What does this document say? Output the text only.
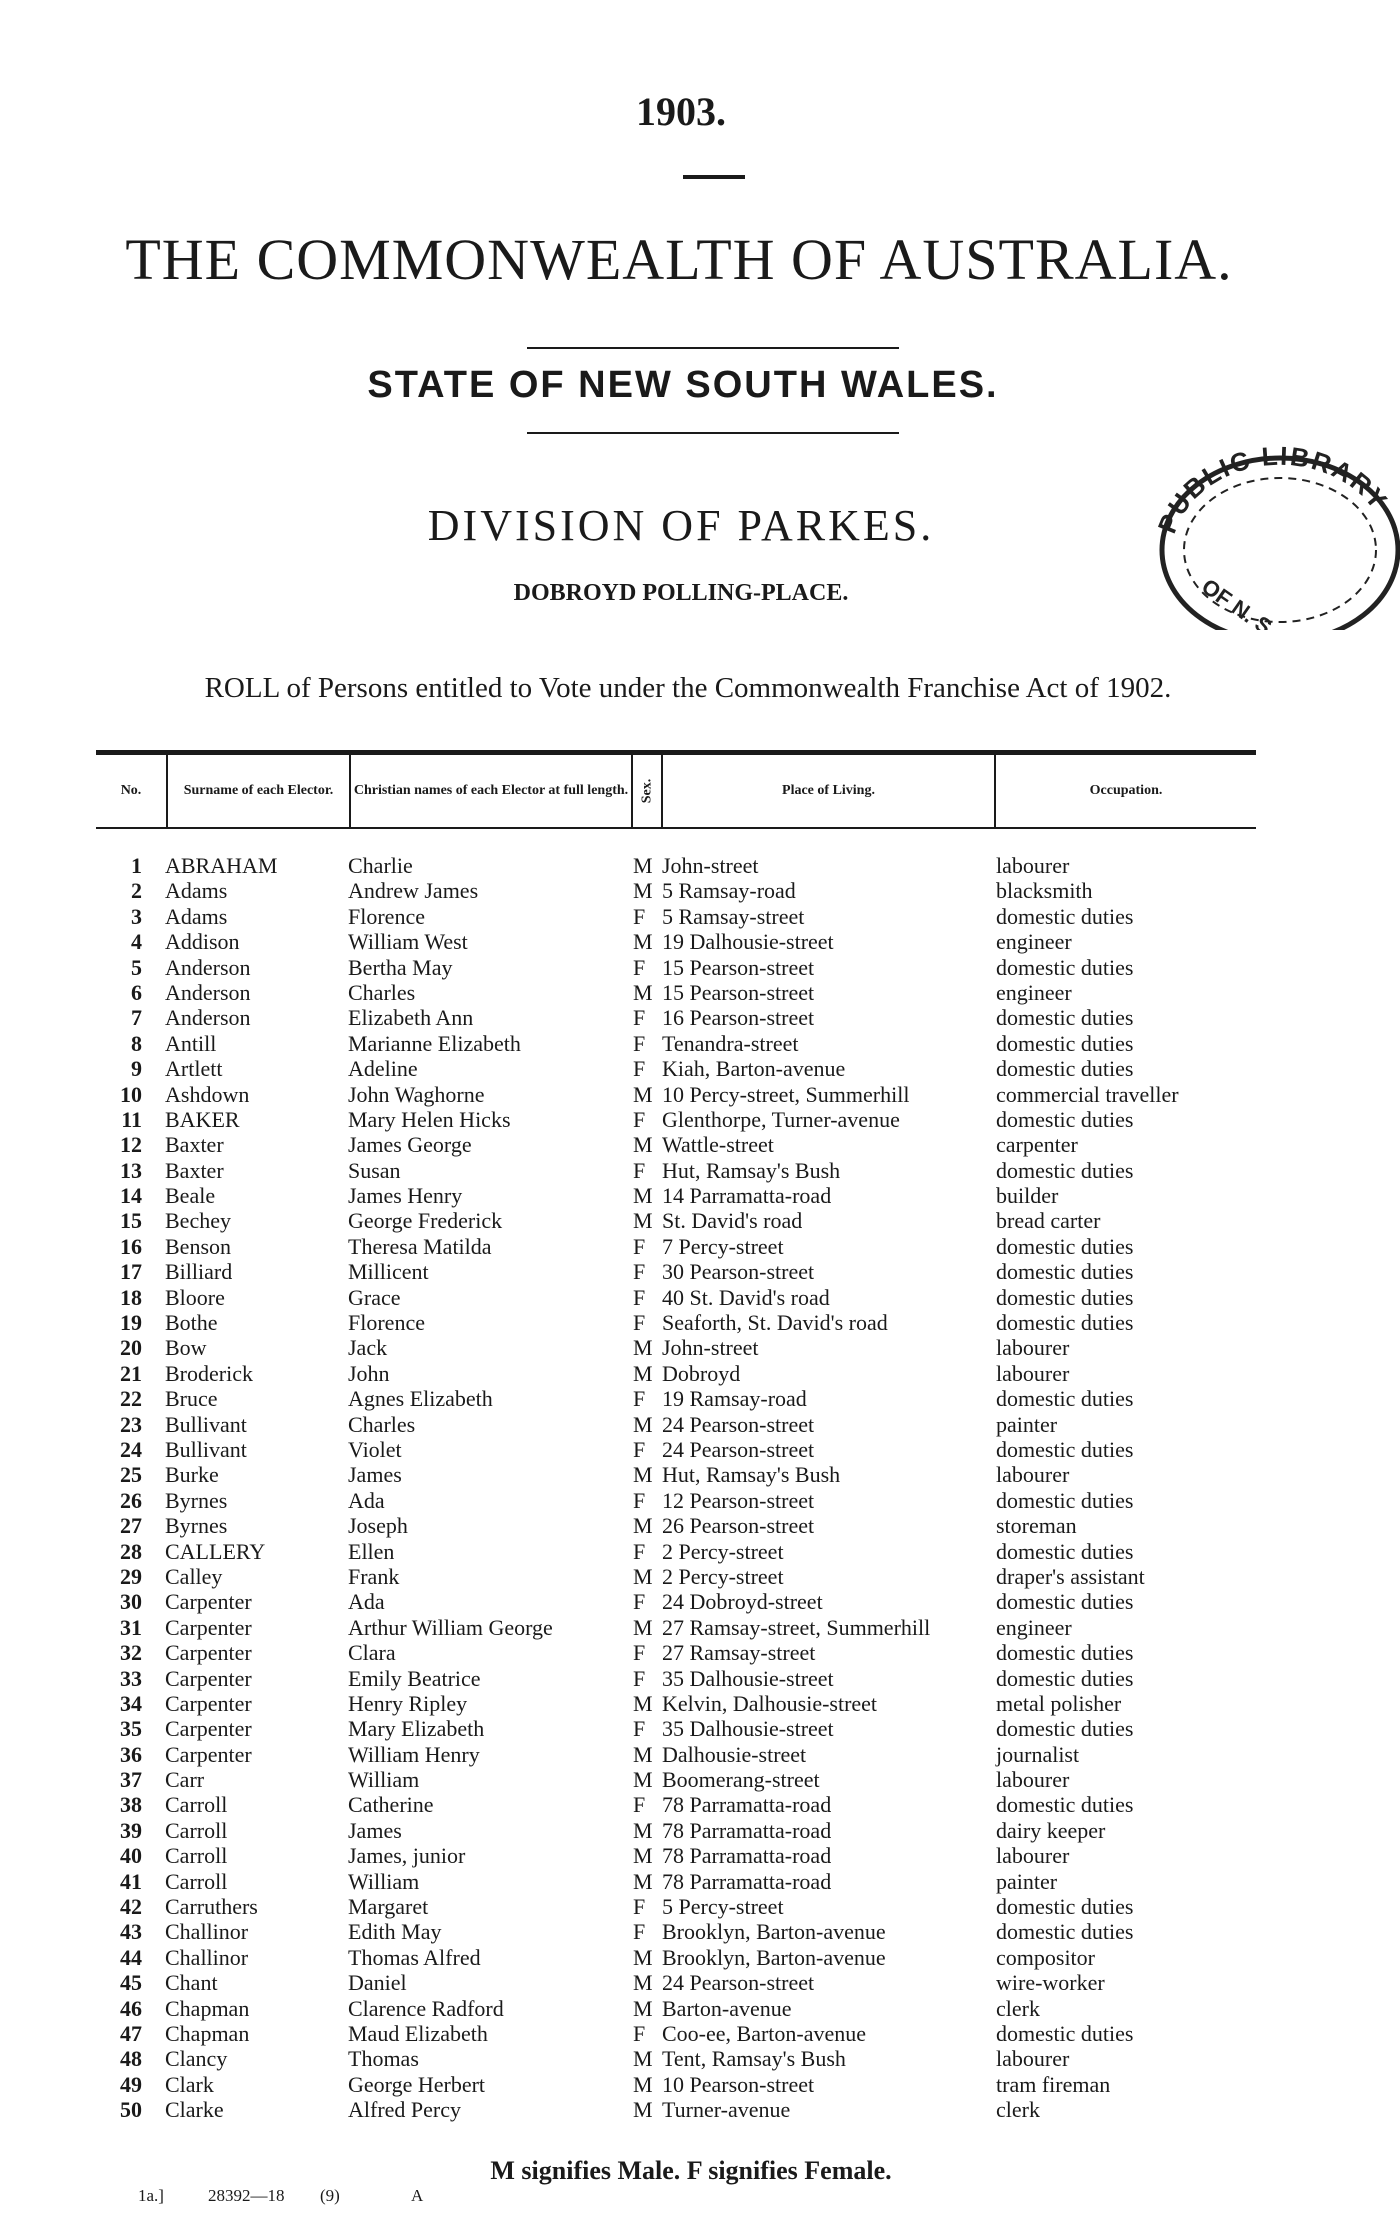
1903.
THE COMMONWEALTH OF AUSTRALIA.
STATE OF NEW SOUTH WALES.
DIVISION OF PARKES.
DOBROYD POLLING-PLACE.
PUBLIC LIBRARY
OF N. S.
ROLL of Persons entitled to Vote under the Commonwealth Franchise Act of 1902.
No.	Surname of each Elector.	Christian names of each Elector at full length. Sex.	Place of Living.	Occupation.
1 ABRAHAM	Charlie	M John-street	labourer
2 Adams	Andrew James	M 5 Ramsay-road	blacksmith
3 Adams	Florence	F 5 Ramsay-street	domestic duties
4 Addison	William West	M 19 Dalhousie-street	engineer
5 Anderson	Bertha May	F 15 Pearson-street	domestic duties
6 Anderson	Charles	M 15 Pearson-street	engineer
7 Anderson	Elizabeth Ann	F 16 Pearson-street	domestic duties
8 Antill	Marianne Elizabeth	F Tenandra-street	domestic duties
9 Artlett	Adeline	F Kiah, Barton-avenue	domestic duties
10 Ashdown	John Waghorne	M 10 Percy-street, Summerhill	commercial traveller
11 BAKER	Mary Helen Hicks	F Glenthorpe, Turner-avenue	domestic duties
12 Baxter	James George	M Wattle-street	carpenter
13 Baxter	Susan	F Hut, Ramsay's Bush	domestic duties
14 Beale	James Henry	M 14 Parramatta-road	builder
15 Bechey	George Frederick	M St. David's road	bread carter
16 Benson	Theresa Matilda	F 7 Percy-street	domestic duties
17 Billiard	Millicent	F 30 Pearson-street	domestic duties
18 Bloore	Grace	F 40 St. David's road	domestic duties
19 Bothe	Florence	F Seaforth, St. David's road	domestic duties
20 Bow	Jack	M John-street	labourer
21 Broderick	John	M Dobroyd	labourer
22 Bruce	Agnes Elizabeth	F 19 Ramsay-road	domestic duties
23 Bullivant	Charles	M 24 Pearson-street	painter
24 Bullivant	Violet	F 24 Pearson-street	domestic duties
25 Burke	James	M Hut, Ramsay's Bush	labourer
26 Byrnes	Ada	F 12 Pearson-street	domestic duties
27 Byrnes	Joseph	M 26 Pearson-street	storeman
28 CALLERY	Ellen	F 2 Percy-street	domestic duties
29 Calley	Frank	M 2 Percy-street	draper's assistant
30 Carpenter	Ada	F 24 Dobroyd-street	domestic duties
31 Carpenter	Arthur William George	M 27 Ramsay-street, Summerhill	engineer
32 Carpenter	Clara	F 27 Ramsay-street	domestic duties
33 Carpenter	Emily Beatrice	F 35 Dalhousie-street	domestic duties
34 Carpenter	Henry Ripley	M Kelvin, Dalhousie-street	metal polisher
35 Carpenter	Mary Elizabeth	F 35 Dalhousie-street	domestic duties
36 Carpenter	William Henry	M Dalhousie-street	journalist
37 Carr	William	M Boomerang-street	labourer
38 Carroll	Catherine	F 78 Parramatta-road	domestic duties
39 Carroll	James	M 78 Parramatta-road	dairy keeper
40 Carroll	James, junior	M 78 Parramatta-road	labourer
41 Carroll	William	M 78 Parramatta-road	painter
42 Carruthers	Margaret	F 5 Percy-street	domestic duties
43 Challinor	Edith May	F Brooklyn, Barton-avenue	domestic duties
44 Challinor	Thomas Alfred	M Brooklyn, Barton-avenue	compositor
45 Chant	Daniel	M 24 Pearson-street	wire-worker
46 Chapman	Clarence Radford	M Barton-avenue	clerk
47 Chapman	Maud Elizabeth	F Coo-ee, Barton-avenue	domestic duties
48 Clancy	Thomas	M Tent, Ramsay's Bush	labourer
49 Clark	George Herbert	M 10 Pearson-street	tram fireman
50 Clarke	Alfred Percy	M Turner-avenue	clerk
M signifies Male. F signifies Female.
1a.]	28392—18 (9)	A
